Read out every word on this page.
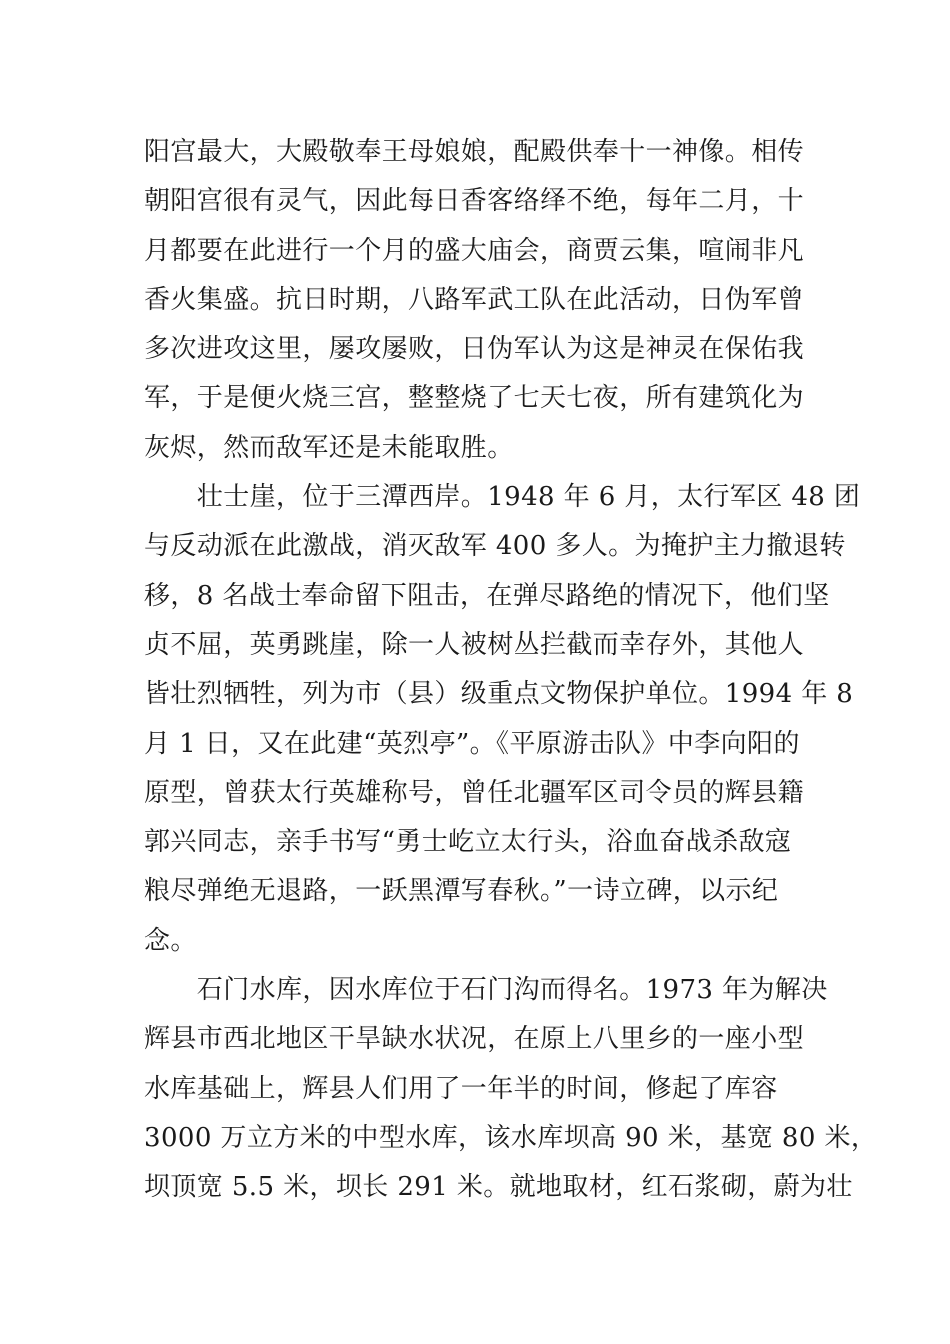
阳宫最大，大殿敬奉王母娘娘，配殿供奉十一神像。相传
朝阳宫很有灵气，因此每日香客络绎不绝，每年二月，十
月都要在此进行一个月的盛大庙会，商贾云集，喧闹非凡
香火集盛。抗日时期，八路军武工队在此活动，日伪军曾
多次进攻这里，屡攻屡败，日伪军认为这是神灵在保佑我
军，于是便火烧三宫，整整烧了七天七夜，所有建筑化为
灰烬，然而敌军还是未能取胜。
　　壮士崖，位于三潭西岸。1948 年 6 月，太行军区 48 团
与反动派在此激战，消灭敌军 400 多人。为掩护主力撤退转
移，8 名战士奉命留下阻击，在弹尽路绝的情况下，他们坚
贞不屈，英勇跳崖，除一人被树丛拦截而幸存外，其他人
皆壮烈牺牲，列为市（县）级重点文物保护单位。1994 年 8
月 1 日，又在此建“英烈亭”。《平原游击队》中李向阳的
原型，曾获太行英雄称号，曾任北疆军区司令员的辉县籍
郭兴同志，亲手书写“勇士屹立太行头，浴血奋战杀敌寇
粮尽弹绝无退路，一跃黑潭写春秋。”一诗立碑，以示纪
念。
　　石门水库，因水库位于石门沟而得名。1973 年为解决
辉县市西北地区干旱缺水状况，在原上八里乡的一座小型
水库基础上，辉县人们用了一年半的时间，修起了库容
3000 万立方米的中型水库，该水库坝高 90 米，基宽 80 米，
坝顶宽 5.5 米，坝长 291 米。就地取材，红石浆砌，蔚为壮
